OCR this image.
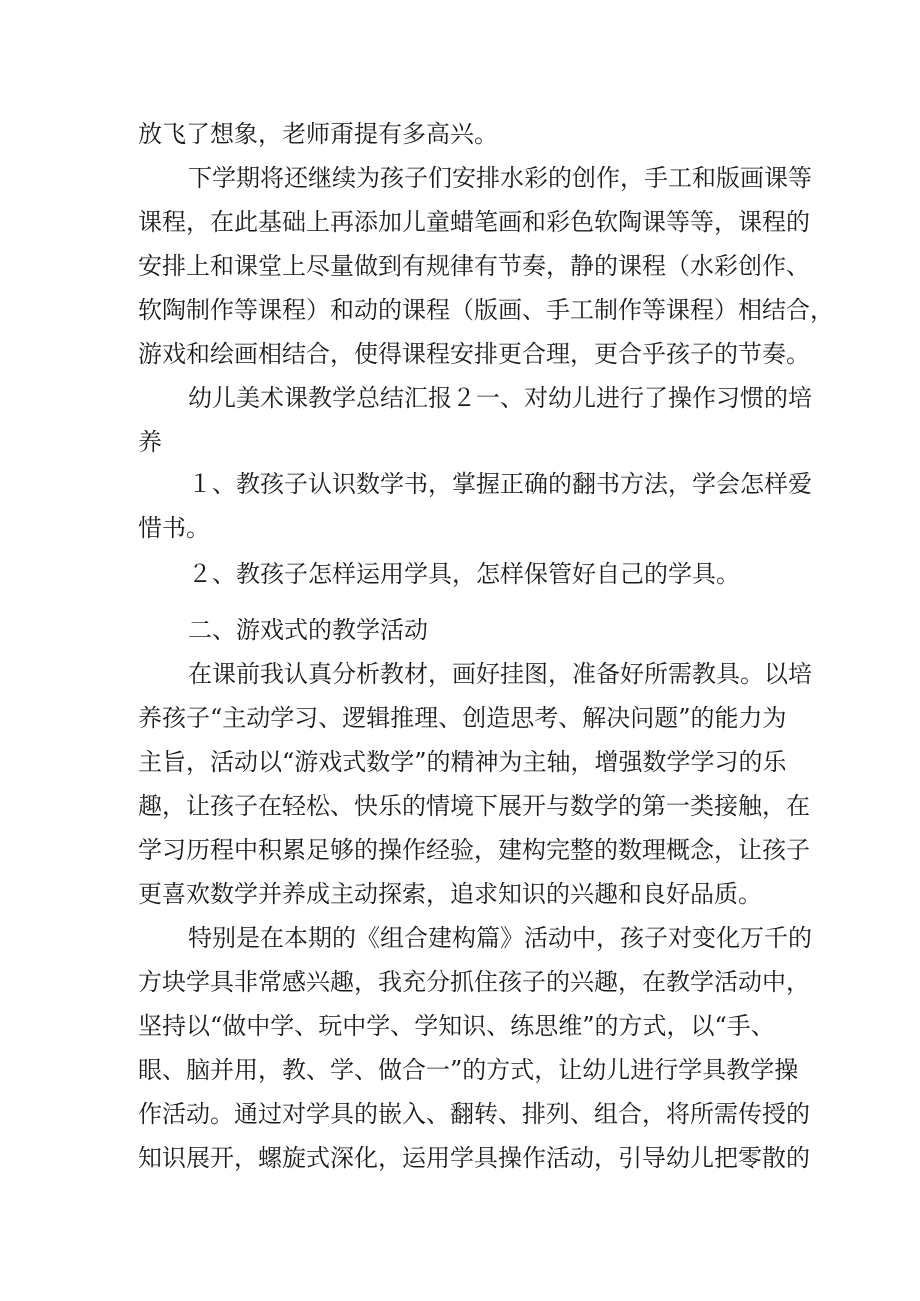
放飞了想象，老师甭提有多高兴。
下学期将还继续为孩子们安排水彩的创作，手工和版画课等
课程，在此基础上再添加儿童蜡笔画和彩色软陶课等等，课程的
安排上和课堂上尽量做到有规律有节奏，静的课程（水彩创作、
软陶制作等课程）和动的课程（版画、手工制作等课程）相结合，
游戏和绘画相结合，使得课程安排更合理，更合乎孩子的节奏。
幼儿美术课教学总结汇报２一、对幼儿进行了操作习惯的培
养
１、教孩子认识数学书，掌握正确的翻书方法，学会怎样爱
惜书。
２、教孩子怎样运用学具，怎样保管好自己的学具。
二、游戏式的教学活动
在课前我认真分析教材，画好挂图，准备好所需教具。以培
养孩子“主动学习、逻辑推理、创造思考、解决问题”的能力为
主旨，活动以“游戏式数学”的精神为主轴，增强数学学习的乐
趣，让孩子在轻松、快乐的情境下展开与数学的第一类接触，在
学习历程中积累足够的操作经验，建构完整的数理概念，让孩子
更喜欢数学并养成主动探索，追求知识的兴趣和良好品质。
特别是在本期的《组合建构篇》活动中，孩子对变化万千的
方块学具非常感兴趣，我充分抓住孩子的兴趣，在教学活动中，
坚持以“做中学、玩中学、学知识、练思维”的方式，以“手、
眼、脑并用，教、学、做合一”的方式，让幼儿进行学具教学操
作活动。通过对学具的嵌入、翻转、排列、组合，将所需传授的
知识展开，螺旋式深化，运用学具操作活动，引导幼儿把零散的
